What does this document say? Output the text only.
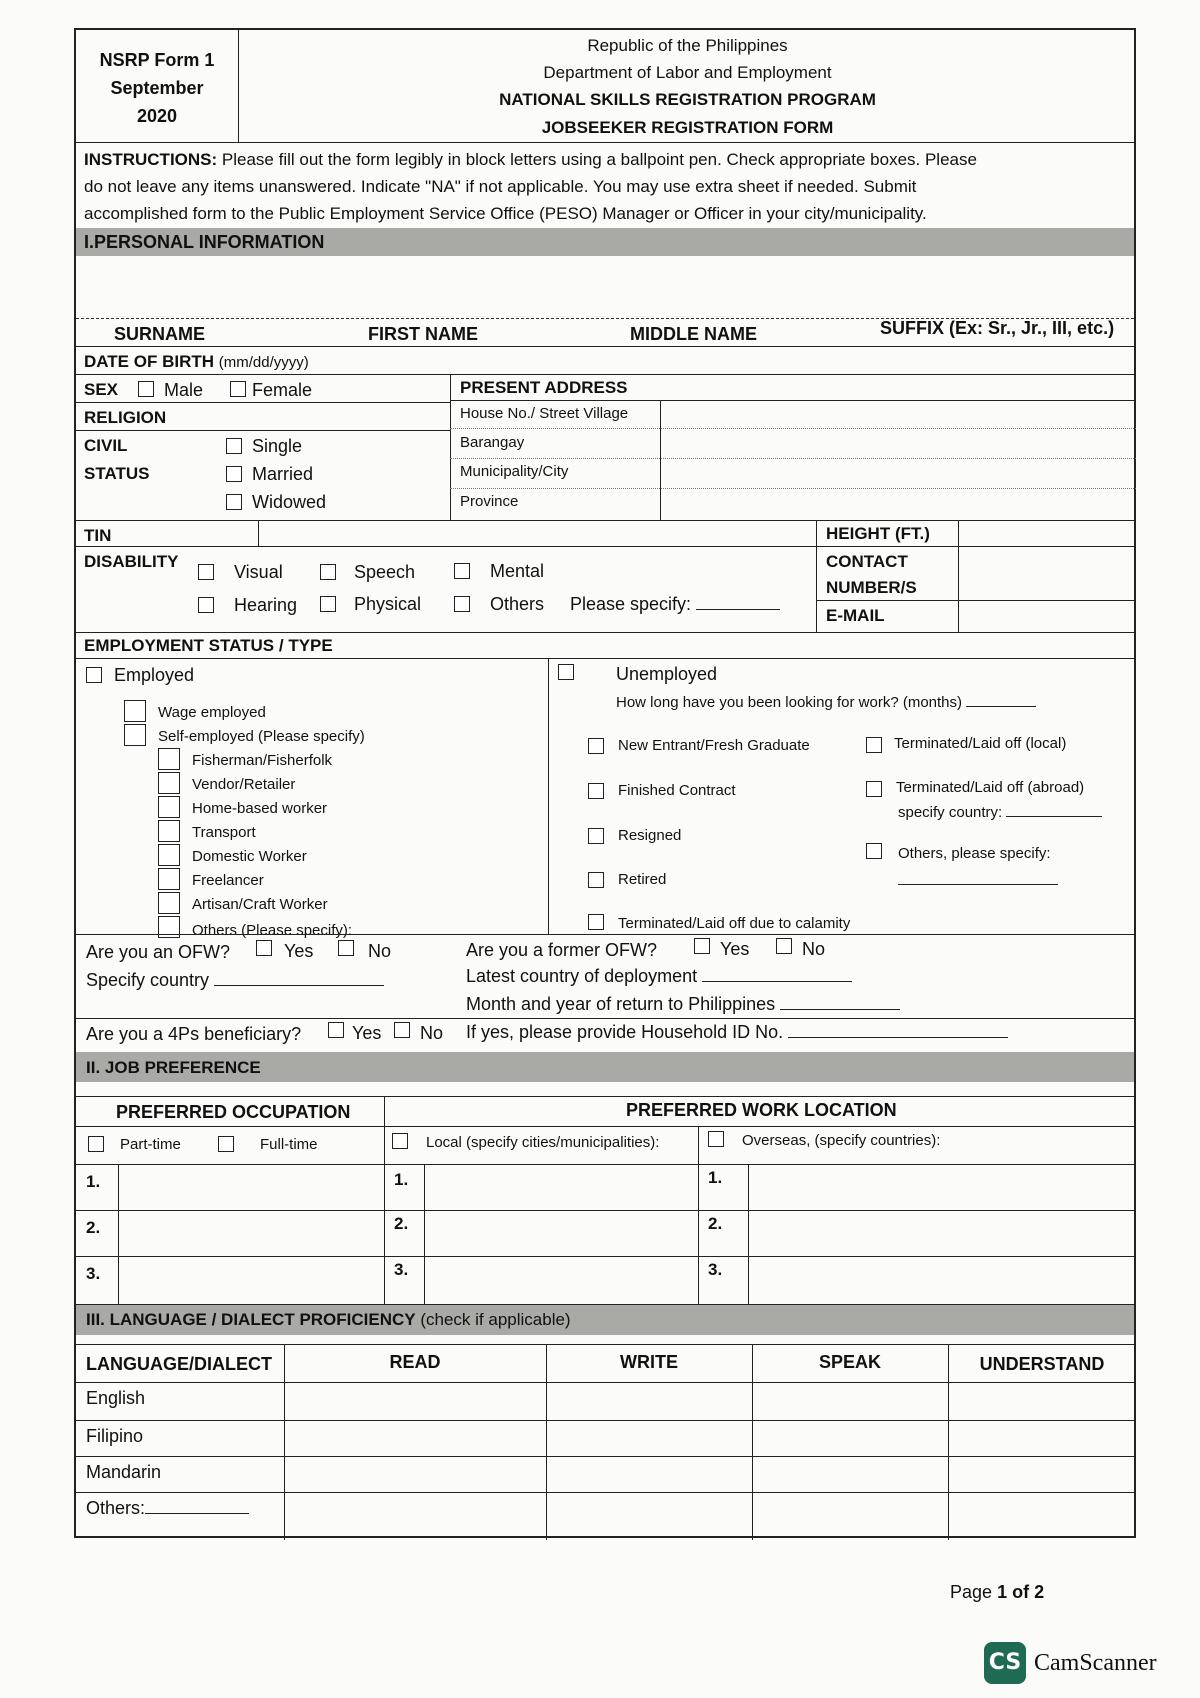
NSRP Form 1
September
2020
Republic of the Philippines
Department of Labor and Employment
NATIONAL SKILLS REGISTRATION PROGRAM
JOBSEEKER REGISTRATION FORM
INSTRUCTIONS: Please fill out the form legibly in block letters using a ballpoint pen. Check appropriate boxes. Please
do not leave any items unanswered. Indicate "NA" if not applicable. You may use extra sheet if needed. Submit
accomplished form to the Public Employment Service Office (PESO) Manager or Officer in your city/municipality.
I.PERSONAL INFORMATION
SURNAME	FIRST NAME	MIDDLE NAME	SUFFIX (Ex: Sr., Jr., III, etc.)
DATE OF BIRTH (mm/dd/yyyy)
SEX	Male	Female
RELIGION
CIVIL
STATUS
Single
Married
Widowed
PRESENT ADDRESS
House No./ Street Village
Barangay
Municipality/City
Province
TIN	HEIGHT (FT.)
CONTACT
NUMBER/S
E-MAIL
DISABILITY
Visual	Speech	Mental
Hearing	Physical	Others Please specify:
EMPLOYMENT STATUS / TYPE
Employed
Wage employed
Self-employed (Please specify)
Fisherman/Fisherfolk
Vendor/Retailer
Home-based worker
Transport
Domestic Worker
Freelancer
Artisan/Craft Worker
Others (Please specify):
Unemployed
How long have you been looking for work? (months)
New Entrant/Fresh Graduate
Finished Contract
Resigned
Retired
Terminated/Laid off due to calamity
Terminated/Laid off (local)
Terminated/Laid off (abroad)
specify country:
Others, please specify:
Are you an OFW?	Yes	No
Specify country
Are you a former OFW?	Yes	No
Latest country of deployment
Month and year of return to Philippines
Are you a 4Ps beneficiary?	Yes No If yes, please provide Household ID No.
II. JOB PREFERENCE
PREFERRED OCCUPATION	PREFERRED WORK LOCATION
Part-time	Full-time	Local (specify cities/municipalities):	Overseas, (specify countries):
1.	1.	1.
2.	2.	2.
3.	3.	3.
III. LANGUAGE / DIALECT PROFICIENCY (check if applicable)
LANGUAGE/DIALECT	READ	WRITE	SPEAK	UNDERSTAND
English
Filipino
Mandarin
Others:
Page 1 of 2
CS CamScanner
